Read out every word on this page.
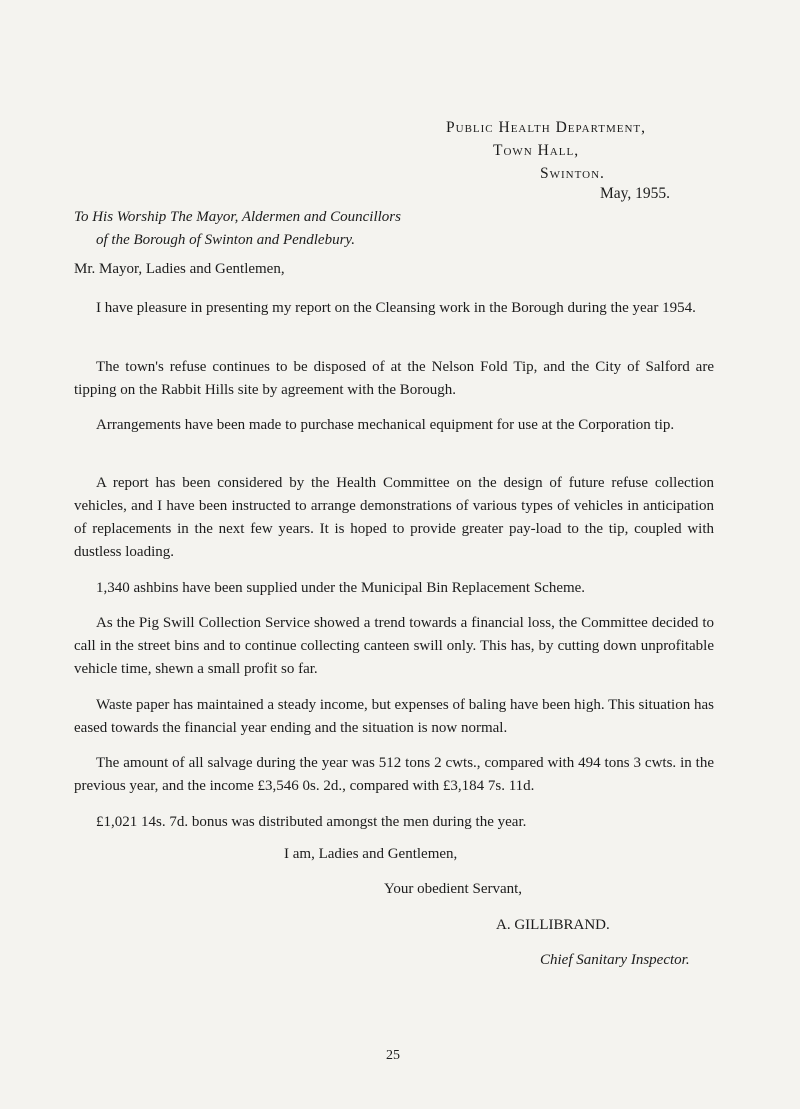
Public Health Department,
Town Hall,
Swinton.
May, 1955.
To His Worship The Mayor, Aldermen and Councillors
of the Borough of Swinton and Pendlebury.
Mr. Mayor, Ladies and Gentlemen,

I have pleasure in presenting my report on the Cleansing work in the Borough during the year 1954.

The town's refuse continues to be disposed of at the Nelson Fold Tip, and the City of Salford are tipping on the Rabbit Hills site by agreement with the Borough.

Arrangements have been made to purchase mechanical equipment for use at the Corporation tip.

A report has been considered by the Health Committee on the design of future refuse collection vehicles, and I have been instructed to arrange demonstrations of various types of vehicles in anticipation of replacements in the next few years. It is hoped to provide greater pay-load to the tip, coupled with dustless loading.

1,340 ashbins have been supplied under the Municipal Bin Replacement Scheme.

As the Pig Swill Collection Service showed a trend towards a financial loss, the Committee decided to call in the street bins and to continue collecting canteen swill only. This has, by cutting down unprofitable vehicle time, shewn a small profit so far.

Waste paper has maintained a steady income, but expenses of baling have been high. This situation has eased towards the financial year ending and the situation is now normal.

The amount of all salvage during the year was 512 tons 2 cwts., compared with 494 tons 3 cwts. in the previous year, and the income £3,546 0s. 2d., compared with £3,184 7s. 11d.

£1,021 14s. 7d. bonus was distributed amongst the men during the year.

I am, Ladies and Gentlemen,
Your obedient Servant,
A. GILLIBRAND.
Chief Sanitary Inspector.
25
